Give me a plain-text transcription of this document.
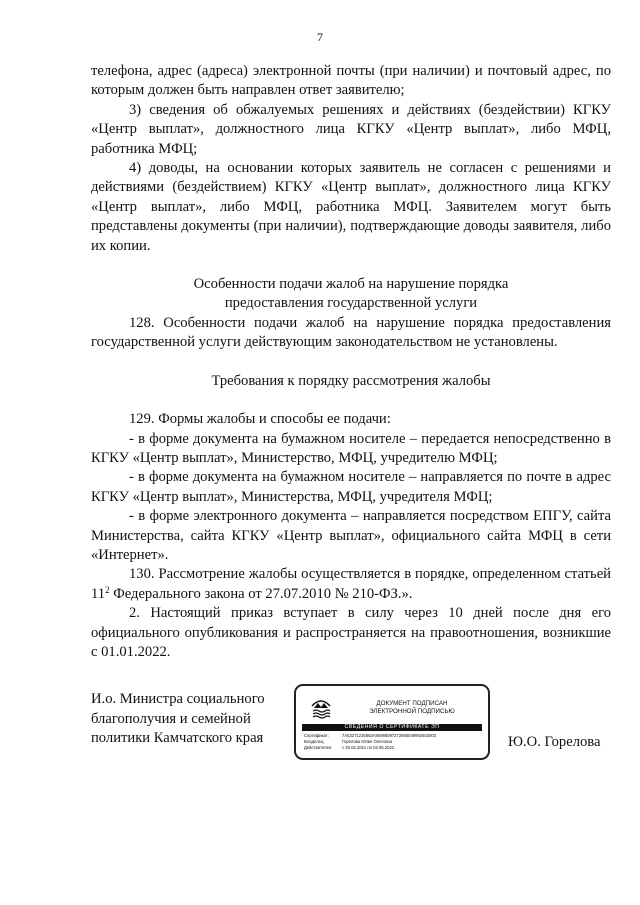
7

телефона, адрес (адреса) электронной почты (при наличии) и почтовый адрес, по которым должен быть направлен ответ заявителю;

3) сведения об обжалуемых решениях и действиях (бездействии) КГКУ «Центр выплат», должностного лица КГКУ «Центр выплат», либо МФЦ, работника МФЦ;

4) доводы, на основании которых заявитель не согласен с решениями и действиями (бездействием) КГКУ «Центр выплат», должностного лица КГКУ «Центр выплат», либо МФЦ, работника МФЦ. Заявителем могут быть представлены документы (при наличии), подтверждающие доводы заявителя, либо их копии.

Особенности подачи жалоб на нарушение порядка

предоставления государственной услуги

128. Особенности подачи жалоб на нарушение порядка предоставления государственной услуги действующим законодательством не установлены.

Требования к порядку рассмотрения жалобы

129. Формы жалобы и способы ее подачи:

- в форме документа на бумажном носителе – передается непосредственно в КГКУ «Центр выплат», Министерство, МФЦ, учредителю МФЦ;

- в форме документа на бумажном носителе – направляется по почте в адрес КГКУ «Центр выплат», Министерства, МФЦ, учредителя МФЦ;

- в форме электронного документа – направляется посредством ЕПГУ, сайта Министерства, сайта КГКУ «Центр выплат», официального сайта МФЦ в сети «Интернет».

130. Рассмотрение жалобы осуществляется в порядке, определенном статьей $11^2$ Федерального закона от 27.07.2010 № 210-ФЗ.».

2. Настоящий приказ вступает в силу через 10 дней после дня его официального опубликования и распространяется на правоотношения, возникшие с 01.01.2022.

И.о. Министра социального
благополучия и семейной
политики Камчатского края
ДОКУМЕНТ ПОДПИСАН
ЭЛЕКТРОННОЙ ПОДПИСЬЮ
СВЕДЕНИЯ О СЕРТИФИКАТЕ ЭП
Сертификат:	7A53271235863A85986097272885049992603003
Владелец:	Горелова Юлия Олеговна
Действителен:	с 30.02.2021 по 02.05.2022	Ю.О. Горелова
